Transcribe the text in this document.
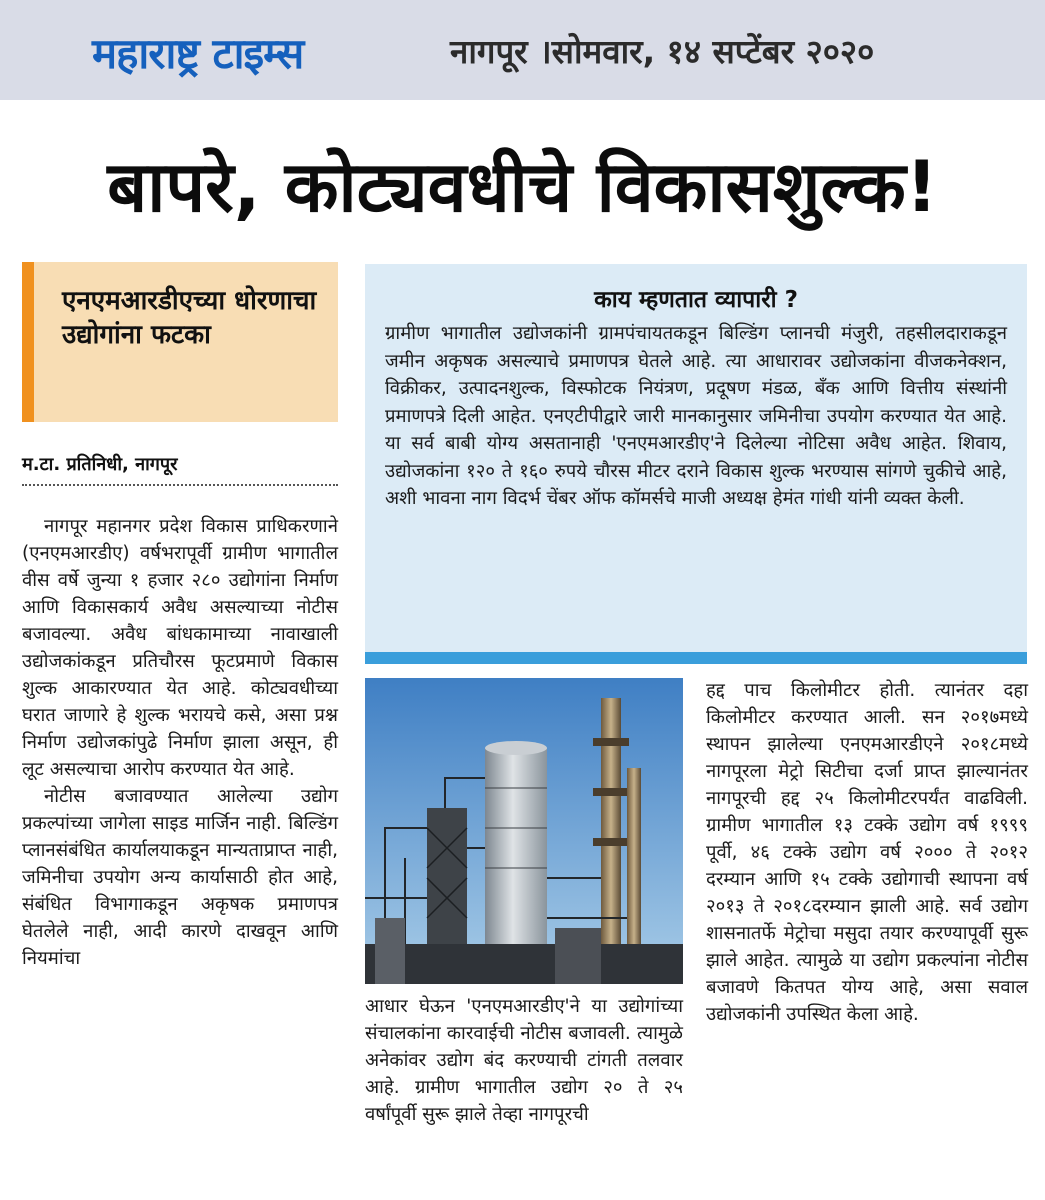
महाराष्ट्र टाइम्स	नागपूर ।सोमवार, १४ सप्टेंबर २०२०
बापरे, कोट्यवधीचे विकासशुल्क!
एनएमआरडीएच्या धोरणाचा उद्योगांना फटका
म.टा. प्रतिनिधी, नागपूर

नागपूर महानगर प्रदेश विकास प्राधिकरणाने (एनएमआरडीए) वर्षभरापूर्वी ग्रामीण भागातील वीस वर्षे जुन्या १ हजार २८० उद्योगांना निर्माण आणि विकासकार्य अवैध असल्याच्या नोटीस बजावल्या. अवैध बांधकामाच्या नावाखाली उद्योजकांकडून प्रतिचौरस फूटप्रमाणे विकास शुल्क आकारण्यात येत आहे. कोट्यवधीच्या घरात जाणारे हे शुल्क भरायचे कसे, असा प्रश्न निर्माण उद्योजकांपुढे निर्माण झाला असून, ही लूट असल्याचा आरोप करण्यात येत आहे.

नोटीस बजावण्यात आलेल्या उद्योग प्रकल्पांच्या जागेला साइड मार्जिन नाही. बिल्डिंग प्लानसंबंधित कार्यालयाकडून मान्यताप्राप्त नाही, जमिनीचा उपयोग अन्य कार्यासाठी होत आहे, संबंधित विभागाकडून अकृषक प्रमाणपत्र घेतलेले नाही, आदी कारणे दाखवून आणि नियमांचा

काय म्हणतात व्यापारी ?
ग्रामीण भागातील उद्योजकांनी ग्रामपंचायतकडून बिल्डिंग प्लानची मंजुरी, तहसीलदाराकडून जमीन अकृषक असल्याचे प्रमाणपत्र घेतले आहे. त्या आधारावर उद्योजकांना वीजकनेक्शन, विक्रीकर, उत्पादनशुल्क, विस्फोटक नियंत्रण, प्रदूषण मंडळ, बँक आणि वित्तीय संस्थांनी प्रमाणपत्रे दिली आहेत. एनएटीपीद्वारे जारी मानकानुसार जमिनीचा उपयोग करण्यात येत आहे. या सर्व बाबी योग्य असतानाही 'एनएमआरडीए'ने दिलेल्या नोटिसा अवैध आहेत. शिवाय, उद्योजकांना १२० ते १६० रुपये चौरस मीटर दराने विकास शुल्क भरण्यास सांगणे चुकीचे आहे, अशी भावना नाग विदर्भ चेंबर ऑफ कॉमर्सचे माजी अध्यक्ष हेमंत गांधी यांनी व्यक्त केली.

आधार घेऊन 'एनएमआरडीए'ने या उद्योगांच्या संचालकांना कारवाईची नोटीस बजावली. त्यामुळे अनेकांवर उद्योग बंद करण्याची टांगती तलवार आहे. ग्रामीण भागातील उद्योग २० ते २५ वर्षांपूर्वी सुरू झाले तेव्हा नागपूरची

हद्द पाच किलोमीटर होती. त्यानंतर दहा किलोमीटर करण्यात आली. सन २०१७मध्ये स्थापन झालेल्या एनएमआरडीएने २०१८मध्ये नागपूरला मेट्रो सिटीचा दर्जा प्राप्त झाल्यानंतर नागपूरची हद्द २५ किलोमीटरपर्यंत वाढविली. ग्रामीण भागातील १३ टक्के उद्योग वर्ष १९९९ पूर्वी, ४६ टक्के उद्योग वर्ष २००० ते २०१२ दरम्यान आणि १५ टक्के उद्योगाची स्थापना वर्ष २०१३ ते २०१८दरम्यान झाली आहे. सर्व उद्योग शासनातर्फे मेट्रोचा मसुदा तयार करण्यापूर्वी सुरू झाले आहेत. त्यामुळे या उद्योग प्रकल्पांना नोटीस बजावणे कितपत योग्य आहे, असा सवाल उद्योजकांनी उपस्थित केला आहे.
